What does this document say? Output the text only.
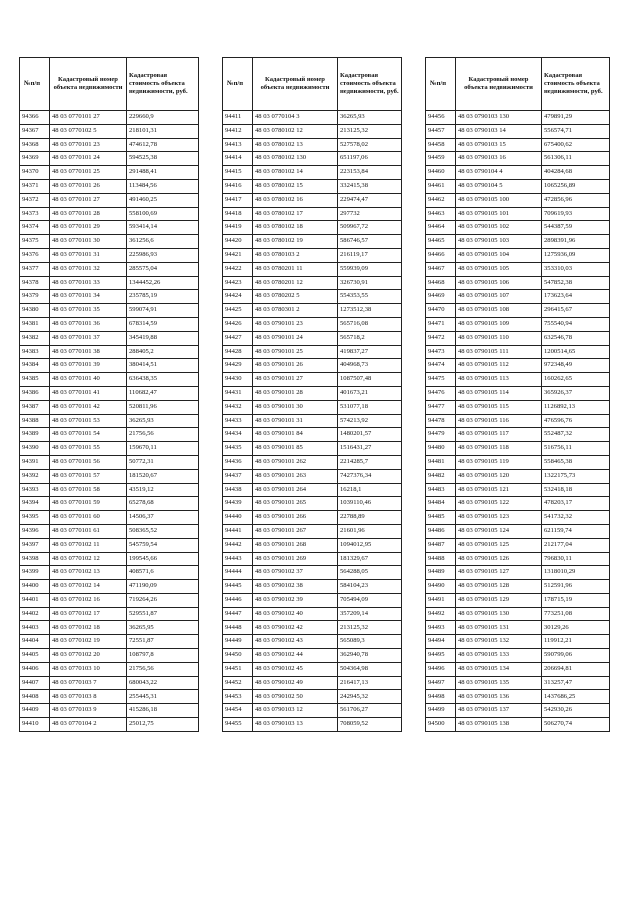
№п/п	Кадастровый номер объекта недвижимости	Кадастровая стоимость объекта недвижимости, руб.
94366	48 03 0770101 27	229660,9
94367	48 03 0770102 5	218101,31
94368	48 03 0770101 23	474612,78
94369	48 03 0770101 24	594525,38
94370	48 03 0770101 25	291488,41
94371	48 03 0770101 26	113484,56
94372	48 03 0770101 27	491460,25
94373	48 03 0770101 28	558100,69
94374	48 03 0770101 29	593414,14
94375	48 03 0770101 30	361256,6
94376	48 03 0770101 31	225986,93
94377	48 03 0770101 32	285575,04
94378	48 03 0770101 33	1344452,26
94379	48 03 0770101 34	235785,19
94380	48 03 0770101 35	599074,91
94381	48 03 0770101 36	678314,59
94382	48 03 0770101 37	345419,88
94383	48 03 0770101 38	288405,2
94384	48 03 0770101 39	380414,51
94385	48 03 0770101 40	636438,35
94386	48 03 0770101 41	110682,47
94387	48 03 0770101 42	520811,96
94388	48 03 0770101 53	36265,93
94389	48 03 0770101 54	21756,56
94390	48 03 0770101 55	159670,11
94391	48 03 0770101 56	50772,31
94392	48 03 0770101 57	181520,67
94393	48 03 0770101 58	43519,12
94394	48 03 0770101 59	65278,68
94395	48 03 0770101 60	14506,37
94396	48 03 0770101 61	508365,52
94397	48 03 0770102 11	545759,54
94398	48 03 0770102 12	199545,66
94399	48 03 0770102 13	408571,6
94400	48 03 0770102 14	471190,09
94401	48 03 0770102 16	719264,26
94402	48 03 0770102 17	529551,87
94403	48 03 0770102 18	36265,95
94404	48 03 0770102 19	72551,87
94405	48 03 0770102 20	108797,8
94406	48 03 0770103 10	21756,56
94407	48 03 0770103 7	680043,22
94408	48 03 0770103 8	255445,31
94409	48 03 0770103 9	415286,18
94410	48 03 0770104 2	25012,75
№п/п	Кадастровый номер объекта недвижимости	Кадастровая стоимость объекта недвижимости, руб.
94411	48 03 0770104 3	36265,93
94412	48 03 0780102 12	213125,32
94413	48 03 0780102 13	527578,02
94414	48 03 0780102 130	651197,06
94415	48 03 0780102 14	223153,84
94416	48 03 0780102 15	332415,38
94417	48 03 0780102 16	229474,47
94418	48 03 0780102 17	297732
94419	48 03 0780102 18	509967,72
94420	48 03 0780102 19	586746,57
94421	48 03 0780103 2	216119,17
94422	48 03 0780201 11	559939,09
94423	48 03 0780201 12	326730,91
94424	48 03 0780202 5	554353,55
94425	48 03 0780301 2	1273512,38
94426	48 03 0790101 23	565716,08
94427	48 03 0790101 24	565718,2
94428	48 03 0790101 25	419837,27
94429	48 03 0790101 26	404968,73
94430	48 03 0790101 27	1087507,48
94431	48 03 0790101 28	401673,21
94432	48 03 0790101 30	531077,18
94433	48 03 0790101 31	574213,92
94434	48 03 0790101 84	1480201,57
94435	48 03 0790101 85	1516431,27
94436	48 03 0790101 262	2214285,7
94437	48 03 0790101 263	7427376,34
94438	48 03 0790101 264	16218,1
94439	48 03 0790101 265	1039110,46
94440	48 03 0790101 266	22788,89
94441	48 03 0790101 267	21601,96
94442	48 03 0790101 268	1094012,95
94443	48 03 0790101 269	181329,67
94444	48 03 0790102 37	564288,05
94445	48 03 0790102 38	584104,23
94446	48 03 0790102 39	705494,09
94447	48 03 0790102 40	357209,14
94448	48 03 0790102 42	213125,32
94449	48 03 0790102 43	565089,3
94450	48 03 0790102 44	362940,78
94451	48 03 0790102 45	504364,98
94452	48 03 0790102 49	216417,13
94453	48 03 0790102 50	242945,32
94454	48 03 0790103 12	561706,27
94455	48 03 0790103 13	708059,52
№п/п	Кадастровый номер объекта недвижимости	Кадастровая стоимость объекта недвижимости, руб.
94456	48 03 0790103 130	479891,29
94457	48 03 0790103 14	556574,71
94458	48 03 0790103 15	675400,62
94459	48 03 0790103 16	561306,11
94460	48 03 0790104 4	404284,68
94461	48 03 0790104 5	1065256,89
94462	48 03 0790105 100	472856,96
94463	48 03 0790105 101	709619,93
94464	48 03 0790105 102	544387,59
94465	48 03 0790105 103	2898391,96
94466	48 03 0790105 104	1275936,09
94467	48 03 0790105 105	353310,03
94468	48 03 0790105 106	547852,38
94469	48 03 0790105 107	173623,64
94470	48 03 0790105 108	296415,67
94471	48 03 0790105 109	755540,94
94472	48 03 0790105 110	632546,78
94473	48 03 0790105 111	1200514,65
94474	48 03 0790105 112	972348,49
94475	48 03 0790105 113	160262,65
94476	48 03 0790105 114	365926,37
94477	48 03 0790105 115	1126892,13
94478	48 03 0790105 116	476596,76
94479	48 03 0790105 117	552487,32
94480	48 03 0790105 118	516756,11
94481	48 03 0790105 119	558465,38
94482	48 03 0790105 120	1322175,73
94483	48 03 0790105 121	532418,18
94484	48 03 0790105 122	478203,17
94485	48 03 0790105 123	541732,32
94486	48 03 0790105 124	621159,74
94487	48 03 0790105 125	212177,04
94488	48 03 0790105 126	796830,11
94489	48 03 0790105 127	1318010,29
94490	48 03 0790105 128	512591,96
94491	48 03 0790105 129	178715,19
94492	48 03 0790105 130	773251,08
94493	48 03 0790105 131	30129,26
94494	48 03 0790105 132	119912,21
94495	48 03 0790105 133	590799,06
94496	48 03 0790105 134	206694,81
94497	48 03 0790105 135	313257,47
94498	48 03 0790105 136	1437686,25
94499	48 03 0790105 137	542930,26
94500	48 03 0790105 138	506270,74
